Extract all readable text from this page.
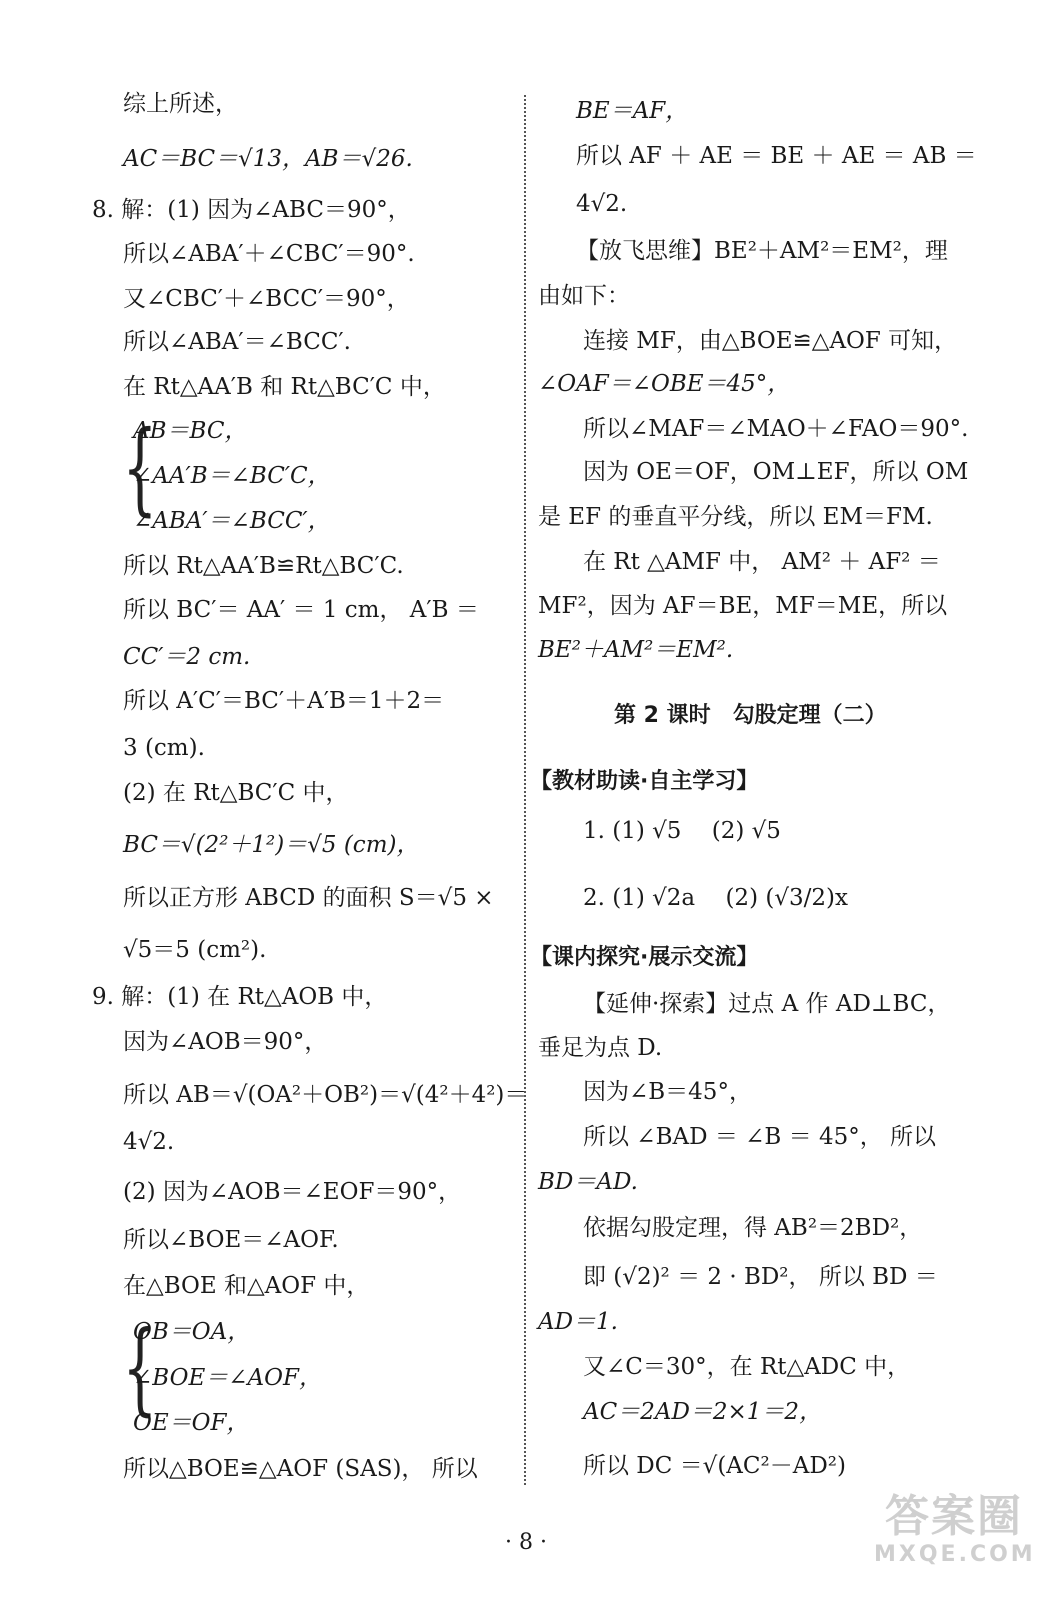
综上所述，
AC＝BC＝√13，AB＝√26.
8. 解：(1) 因为∠ABC＝90°，
所以∠ABA′＋∠CBC′＝90°.
又∠CBC′＋∠BCC′＝90°，
所以∠ABA′＝∠BCC′.
在 Rt△AA′B 和 Rt△BC′C 中，
{
AB＝BC，
∠AA′B＝∠BC′C，
∠ABA′＝∠BCC′，
所以 Rt△AA′B≌Rt△BC′C.
所以 BC′＝ AA′ ＝ 1 cm， A′B ＝
CC′＝2 cm.
所以 A′C′＝BC′＋A′B＝1＋2＝
3 (cm).
(2) 在 Rt△BC′C 中，
BC＝√(2²＋1²)＝√5 (cm)，
所以正方形 ABCD 的面积 S＝√5 ×
√5＝5 (cm²).
9. 解：(1) 在 Rt△AOB 中，
因为∠AOB＝90°，
所以 AB＝√(OA²＋OB²)＝√(4²＋4²)＝
4√2.
(2) 因为∠AOB＝∠EOF＝90°，
所以∠BOE＝∠AOF.
在△BOE 和△AOF 中，
{
OB＝OA，
∠BOE＝∠AOF，
OE＝OF，
所以△BOE≌△AOF (SAS)， 所以
BE＝AF，
所以 AF ＋ AE ＝ BE ＋ AE ＝ AB ＝
4√2.
【放飞思维】BE²＋AM²＝EM²，理
由如下：
连接 MF，由△BOE≌△AOF 可知，
∠OAF＝∠OBE＝45°，
所以∠MAF＝∠MAO＋∠FAO＝90°.
因为 OE＝OF，OM⊥EF，所以 OM
是 EF 的垂直平分线，所以 EM＝FM.
在 Rt △AMF 中， AM² ＋ AF² ＝
MF²，因为 AF＝BE，MF＝ME，所以
BE²＋AM²＝EM².
第 2 课时　勾股定理（二）
【教材助读·自主学习】
1. (1) √5　 (2) √5
2. (1) √2a　 (2) (√3/2)x
【课内探究·展示交流】
【延伸·探索】过点 A 作 AD⊥BC，
垂足为点 D.
因为∠B＝45°，
所以 ∠BAD ＝ ∠B ＝ 45°， 所以
BD＝AD.
依据勾股定理，得 AB²＝2BD²，
即 (√2)² ＝ 2 · BD²， 所以 BD ＝
AD＝1.
又∠C＝30°，在 Rt△ADC 中，
AC＝2AD＝2×1＝2，
所以 DC ＝√(AC²－AD²)
· 8 ·
答案圈
MXQE.COM
